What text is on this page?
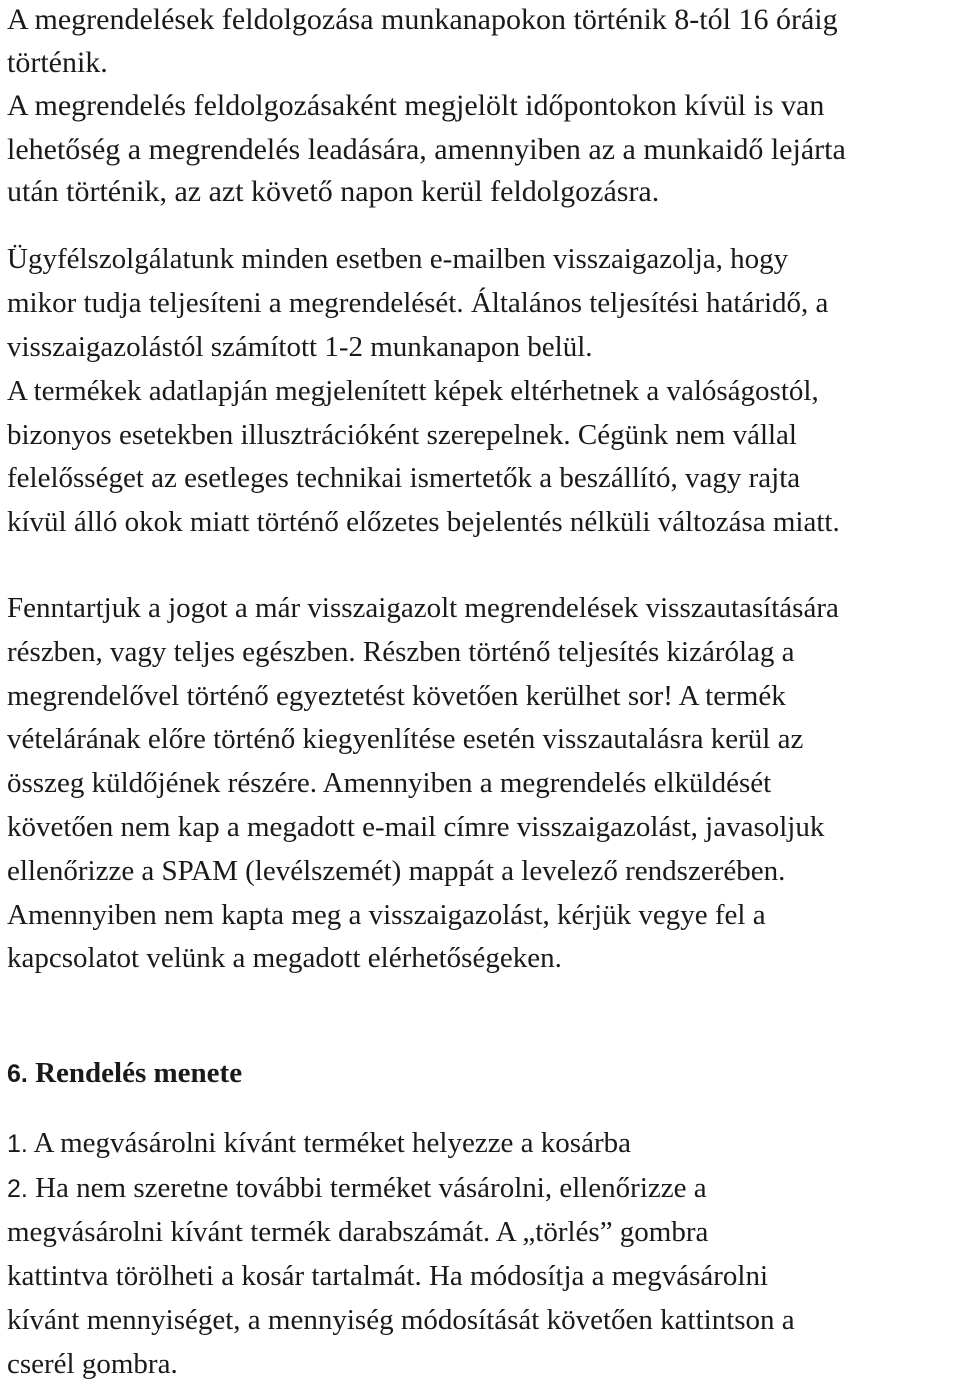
A megrendelések feldolgozása munkanapokon történik 8-tól 16 óráig
történik.
A megrendelés feldolgozásaként megjelölt időpontokon kívül is van
lehetőség a megrendelés leadására, amennyiben az a munkaidő lejárta
után történik, az azt követő napon kerül feldolgozásra.
Ügyfélszolgálatunk minden esetben e-mailben visszaigazolja, hogy
mikor tudja teljesíteni a megrendelését. Általános teljesítési határidő, a
visszaigazolástól számított 1-2 munkanapon belül.
A termékek adatlapján megjelenített képek eltérhetnek a valóságostól,
bizonyos esetekben illusztrációként szerepelnek. Cégünk nem vállal
felelősséget az esetleges technikai ismertetők a beszállító, vagy rajta
kívül álló okok miatt történő előzetes bejelentés nélküli változása miatt.
Fenntartjuk a jogot a már visszaigazolt megrendelések visszautasítására
részben, vagy teljes egészben. Részben történő teljesítés kizárólag a
megrendelővel történő egyeztetést követően kerülhet sor! A termék
vételárának előre történő kiegyenlítése esetén visszautalásra kerül az
összeg küldőjének részére. Amennyiben a megrendelés elküldését
követően nem kap a megadott e-mail címre visszaigazolást, javasoljuk
ellenőrizze a SPAM (levélszemét) mappát a levelező rendszerében.
Amennyiben nem kapta meg a visszaigazolást, kérjük vegye fel a
kapcsolatot velünk a megadott elérhetőségeken.
6. Rendelés menete
1. A megvásárolni kívánt terméket helyezze a kosárba
2. Ha nem szeretne további terméket vásárolni, ellenőrizze a
megvásárolni kívánt termék darabszámát. A „törlés” gombra
kattintva törölheti a kosár tartalmát. Ha módosítja a megvásárolni
kívánt mennyiséget, a mennyiség módosítását követően kattintson a
cserél gombra.
